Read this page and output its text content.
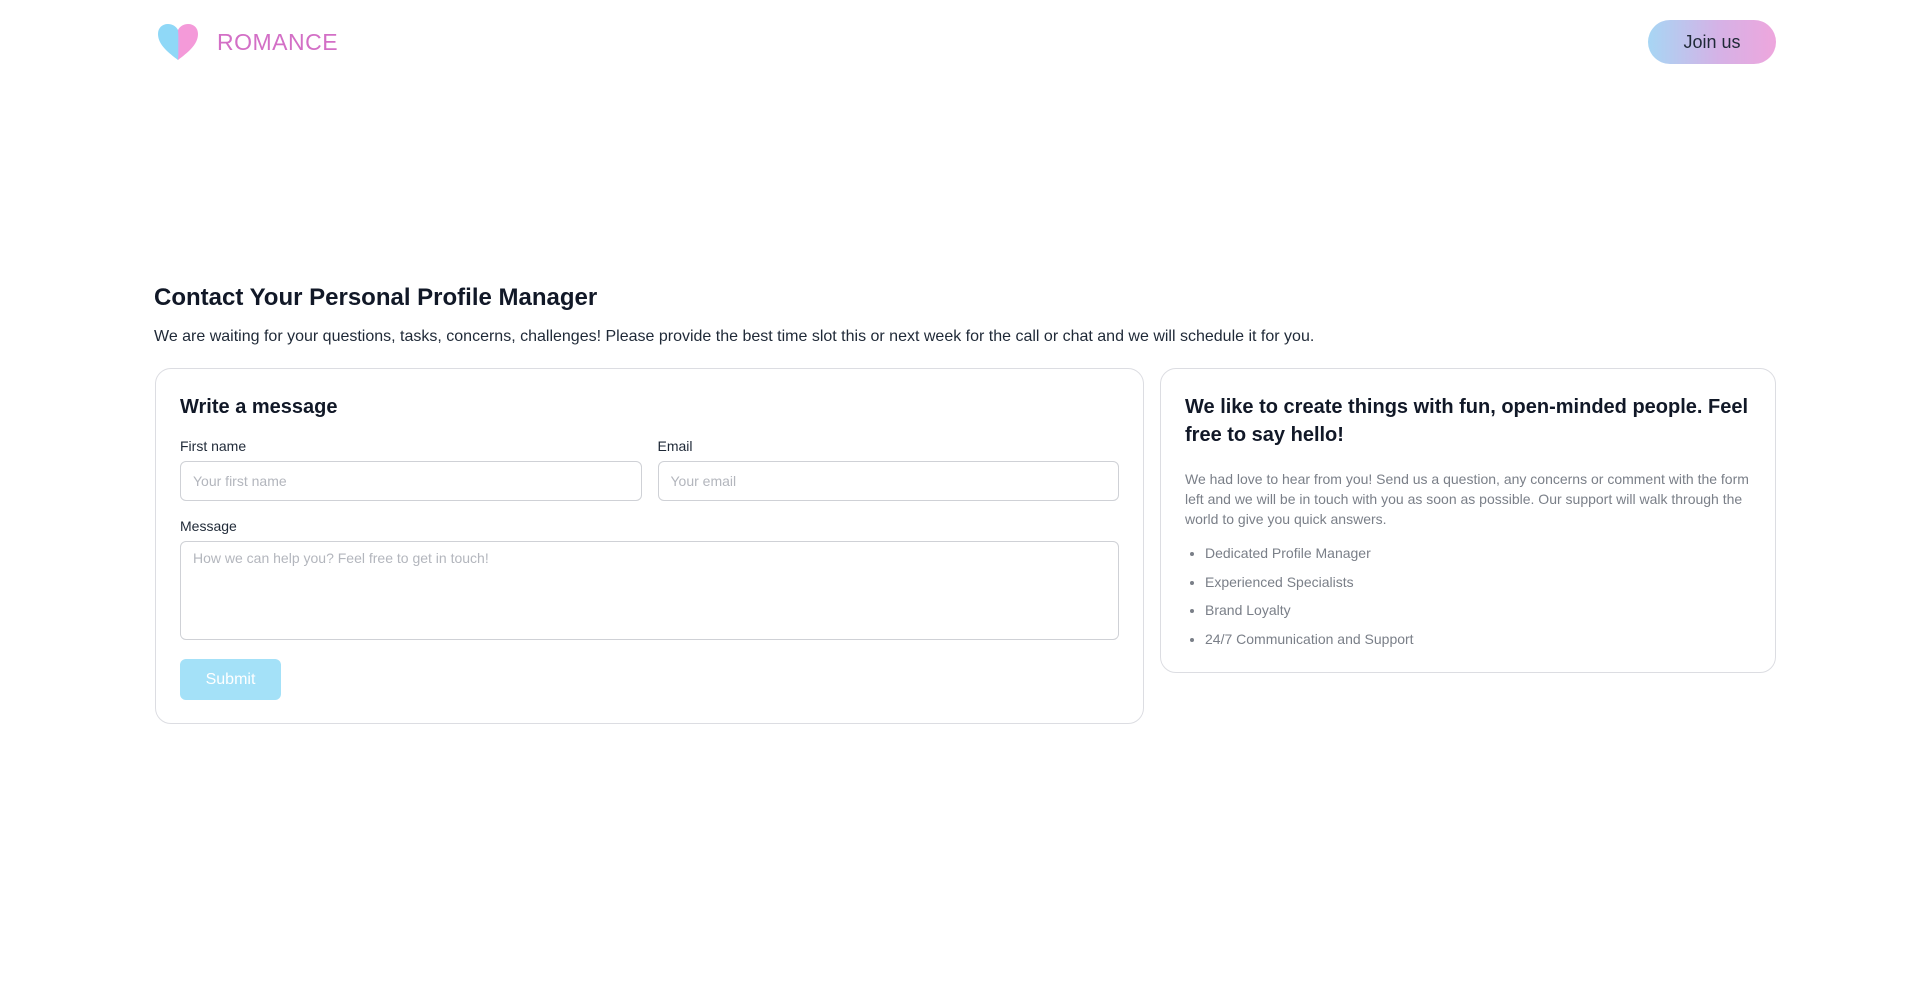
ROMANCE	Join us
Contact Your Personal Profile Manager

We are waiting for your questions, tasks, concerns, challenges! Please provide the best time slot this or next week for the call or chat and we will schedule it for you.

Write a message
First name
Your first name	Email
Your email
Message
How we can help you? Feel free to get in touch!
Submit
We like to create things with fun, open-minded people. Feel free to say hello!

We had love to hear from you! Send us a question, any concerns or comment with the form left and we will be in touch with you as soon as possible. Our support will walk through the world to give you quick answers.

• Dedicated Profile Manager
• Experienced Specialists
• Brand Loyalty
• 24/7 Communication and Support
